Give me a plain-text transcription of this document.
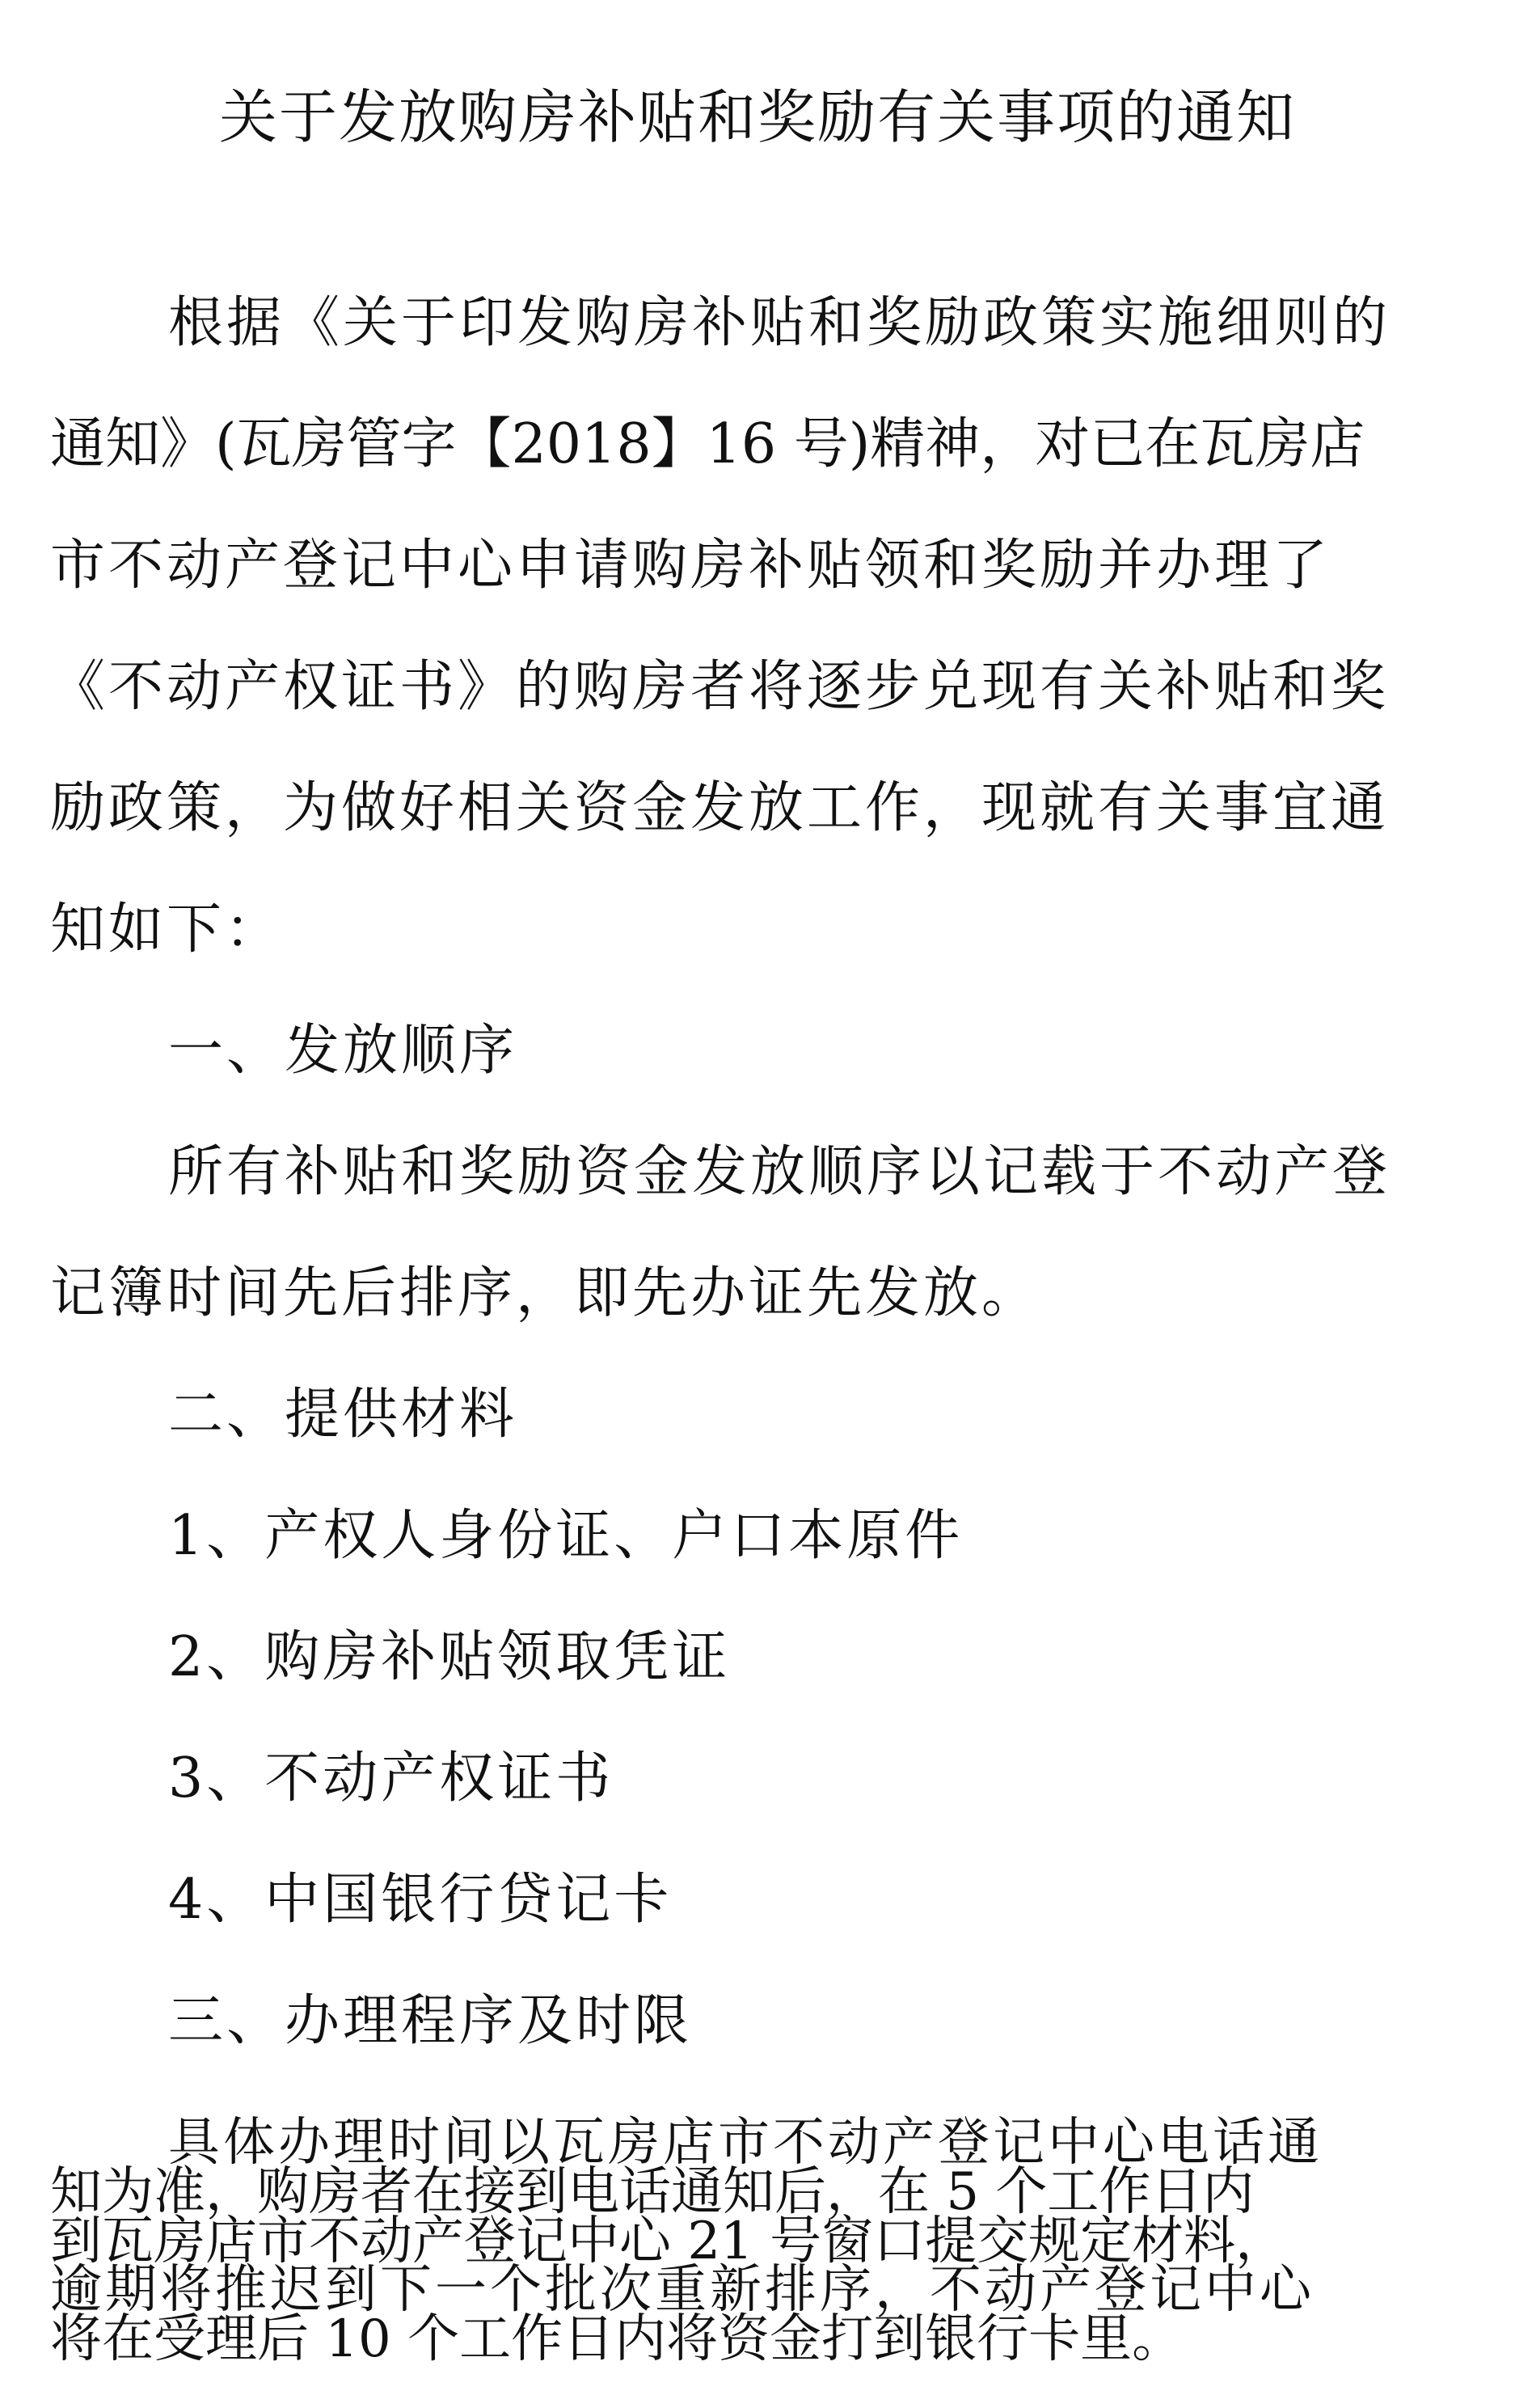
关于发放购房补贴和奖励有关事项的通知

根据《关于印发购房补贴和奖励政策实施细则的

通知》(瓦房管字【2018】16 号)精神，对已在瓦房店

市不动产登记中心申请购房补贴领和奖励并办理了

《不动产权证书》的购房者将逐步兑现有关补贴和奖

励政策，为做好相关资金发放工作，现就有关事宜通

知如下：

一、发放顺序

所有补贴和奖励资金发放顺序以记载于不动产登

记簿时间先后排序，即先办证先发放。

二、提供材料

1、产权人身份证、户口本原件

2、购房补贴领取凭证

3、不动产权证书

4、中国银行贷记卡

三、办理程序及时限

具体办理时间以瓦房店市不动产登记中心电话通

知为准，购房者在接到电话通知后，在 5 个工作日内

到瓦房店市不动产登记中心 21 号窗口提交规定材料，

逾期将推迟到下一个批次重新排序，不动产登记中心

将在受理后 10 个工作日内将资金打到银行卡里。
